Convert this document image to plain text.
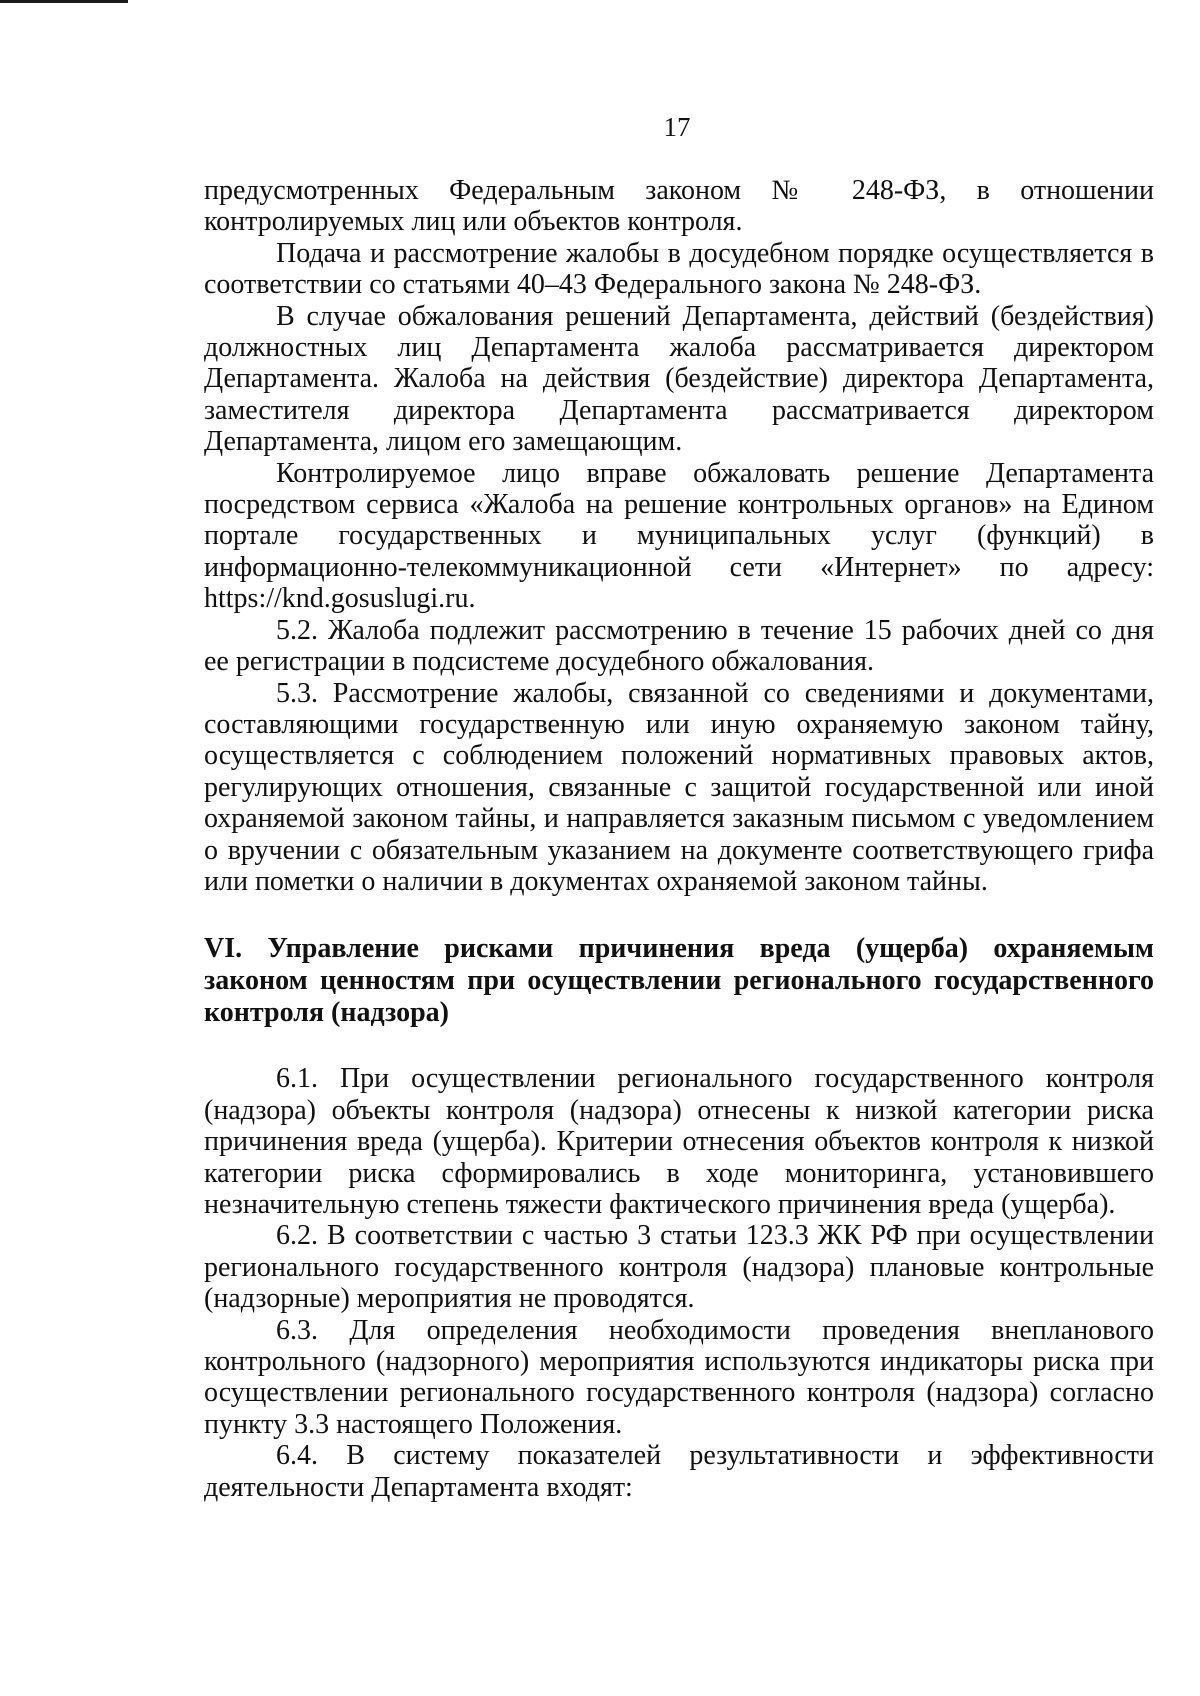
17

предусмотренных Федеральным законом № 248-ФЗ, в отношении контролируемых лиц или объектов контроля.

Подача и рассмотрение жалобы в досудебном порядке осуществляется в соответствии со статьями 40–43 Федерального закона № 248-ФЗ.

В случае обжалования решений Департамента, действий (бездействия) должностных лиц Департамента жалоба рассматривается директором Департамента. Жалоба на действия (бездействие) директора Департамента, заместителя директора Департамента рассматривается директором Департамента, лицом его замещающим.

Контролируемое лицо вправе обжаловать решение Департамента посредством сервиса «Жалоба на решение контрольных органов» на Едином портале государственных и муниципальных услуг (функций) в информационно-телекоммуникационной сети «Интернет» по адресу: https://knd.gosuslugi.ru.

5.2. Жалоба подлежит рассмотрению в течение 15 рабочих дней со дня ее регистрации в подсистеме досудебного обжалования.

5.3. Рассмотрение жалобы, связанной со сведениями и документами, составляющими государственную или иную охраняемую законом тайну, осуществляется с соблюдением положений нормативных правовых актов, регулирующих отношения, связанные с защитой государственной или иной охраняемой законом тайны, и направляется заказным письмом с уведомлением о вручении с обязательным указанием на документе соответствующего грифа или пометки о наличии в документах охраняемой законом тайны.

VI. Управление рисками причинения вреда (ущерба) охраняемым законом ценностям при осуществлении регионального государственного контроля (надзора)

6.1. При осуществлении регионального государственного контроля (надзора) объекты контроля (надзора) отнесены к низкой категории риска причинения вреда (ущерба). Критерии отнесения объектов контроля к низкой категории риска сформировались в ходе мониторинга, установившего незначительную степень тяжести фактического причинения вреда (ущерба).

6.2. В соответствии с частью 3 статьи 123.3 ЖК РФ при осуществлении регионального государственного контроля (надзора) плановые контрольные (надзорные) мероприятия не проводятся.

6.3. Для определения необходимости проведения внепланового контрольного (надзорного) мероприятия используются индикаторы риска при осуществлении регионального государственного контроля (надзора) согласно пункту 3.3 настоящего Положения.

6.4. В систему показателей результативности и эффективности деятельности Департамента входят:
